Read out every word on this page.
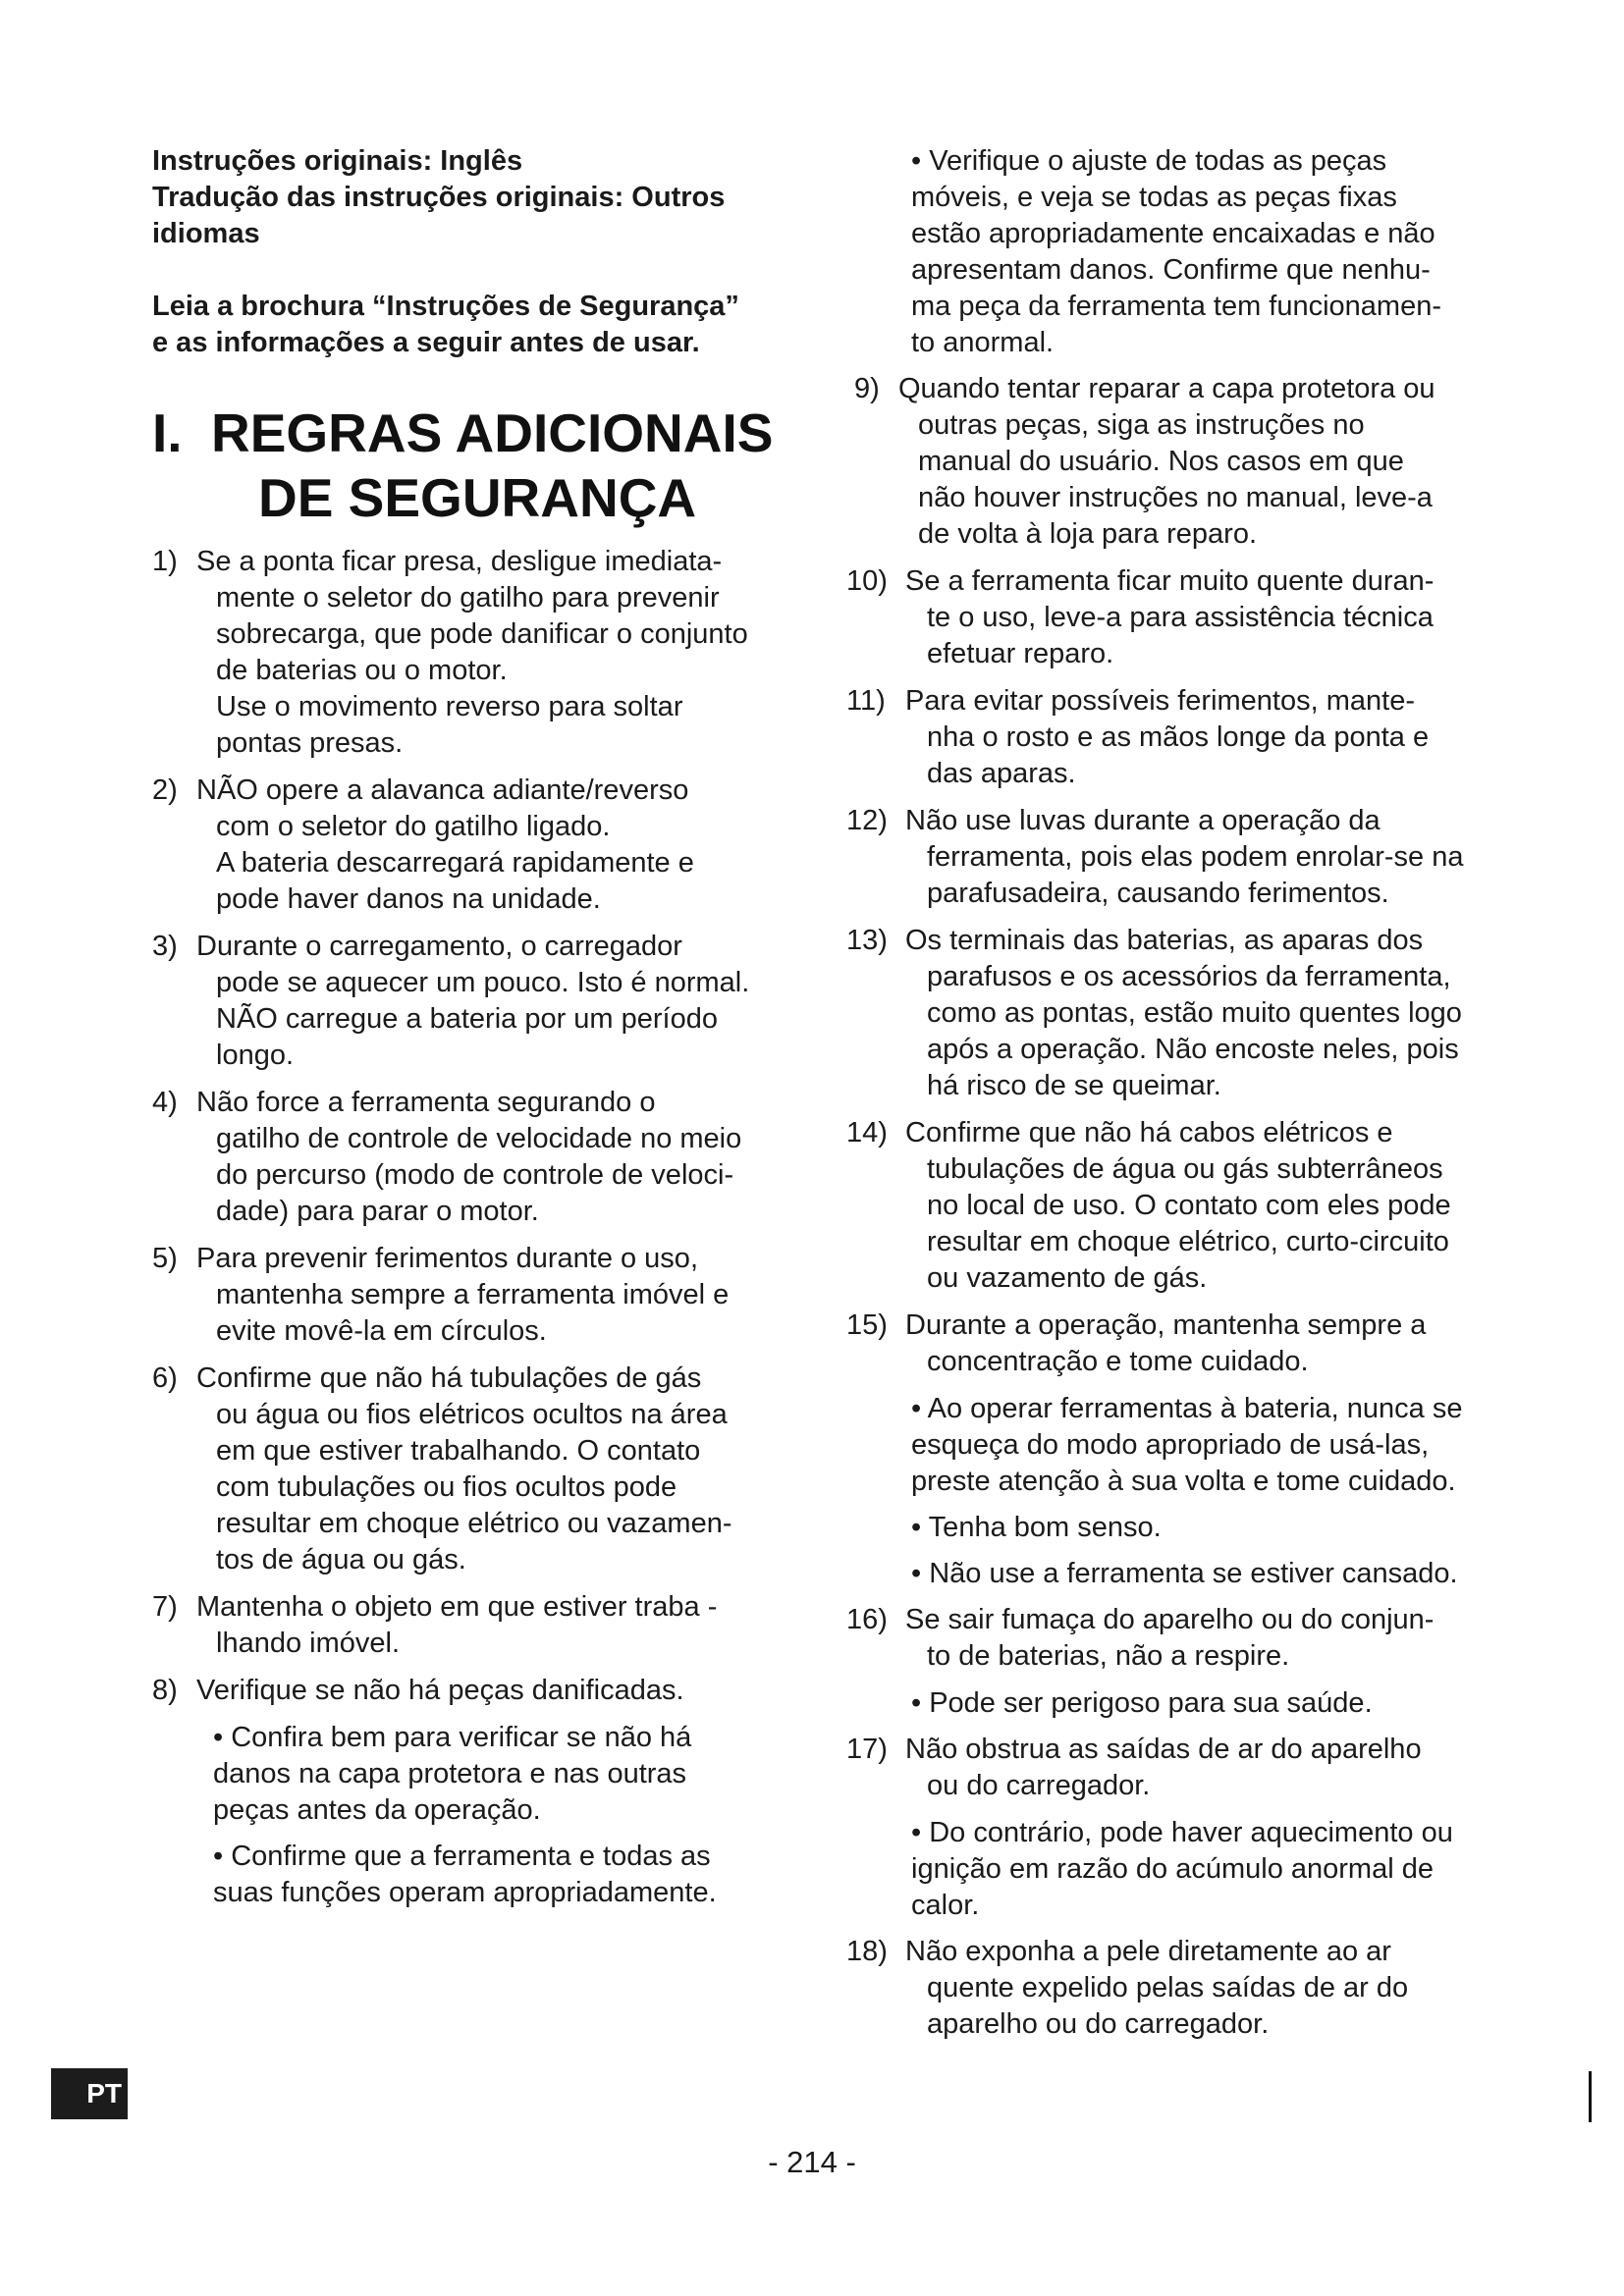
Instruções originais: Inglês

Tradução das instruções originais: Outros

idiomas

Leia a brochura “Instruções de Segurança”

e as informações a seguir antes de usar.

I. REGRAS ADICIONAIS
DE SEGURANÇA
1) Se a ponta ficar presa, desligue imediata-
mente o seletor do gatilho para prevenir
sobrecarga, que pode danificar o conjunto
de baterias ou o motor.
Use o movimento reverso para soltar
pontas presas.
2) NÃO opere a alavanca adiante/reverso
com o seletor do gatilho ligado.
A bateria descarregará rapidamente e
pode haver danos na unidade.
3) Durante o carregamento, o carregador
pode se aquecer um pouco. Isto é normal.
NÃO carregue a bateria por um período
longo.
4) Não force a ferramenta segurando o
gatilho de controle de velocidade no meio
do percurso (modo de controle de veloci-
dade) para parar o motor.
5) Para prevenir ferimentos durante o uso,
mantenha sempre a ferramenta imóvel e
evite movê-la em círculos.
6) Confirme que não há tubulações de gás
ou água ou fios elétricos ocultos na área
em que estiver trabalhando. O contato
com tubulações ou fios ocultos pode
resultar em choque elétrico ou vazamen-
tos de água ou gás.
7) Mantenha o objeto em que estiver traba -
lhando imóvel.
8) Verifique se não há peças danificadas.
• Confira bem para verificar se não há
danos na capa protetora e nas outras
peças antes da operação.
• Confirme que a ferramenta e todas as
suas funções operam apropriadamente.
• Verifique o ajuste de todas as peças
móveis, e veja se todas as peças fixas
estão apropriadamente encaixadas e não
apresentam danos. Confirme que nenhu-
ma peça da ferramenta tem funcionamen-
to anormal.
9) Quando tentar reparar a capa protetora ou
outras peças, siga as instruções no
manual do usuário. Nos casos em que
não houver instruções no manual, leve-a
de volta à loja para reparo.
10) Se a ferramenta ficar muito quente duran-
te o uso, leve-a para assistência técnica
efetuar reparo.
11) Para evitar possíveis ferimentos, mante-
nha o rosto e as mãos longe da ponta e
das aparas.
12) Não use luvas durante a operação da
ferramenta, pois elas podem enrolar-se na
parafusadeira, causando ferimentos.
13) Os terminais das baterias, as aparas dos
parafusos e os acessórios da ferramenta,
como as pontas, estão muito quentes logo
após a operação. Não encoste neles, pois
há risco de se queimar.
14) Confirme que não há cabos elétricos e
tubulações de água ou gás subterrâneos
no local de uso. O contato com eles pode
resultar em choque elétrico, curto-circuito
ou vazamento de gás.
15) Durante a operação, mantenha sempre a
concentração e tome cuidado.
• Ao operar ferramentas à bateria, nunca se
esqueça do modo apropriado de usá-las,
preste atenção à sua volta e tome cuidado.
• Tenha bom senso.
• Não use a ferramenta se estiver cansado.
16) Se sair fumaça do aparelho ou do conjun-
to de baterias, não a respire.
• Pode ser perigoso para sua saúde.
17) Não obstrua as saídas de ar do aparelho
ou do carregador.
• Do contrário, pode haver aquecimento ou
ignição em razão do acúmulo anormal de
calor.
18) Não exponha a pele diretamente ao ar
quente expelido pelas saídas de ar do
aparelho ou do carregador.
PT
- 214 -
